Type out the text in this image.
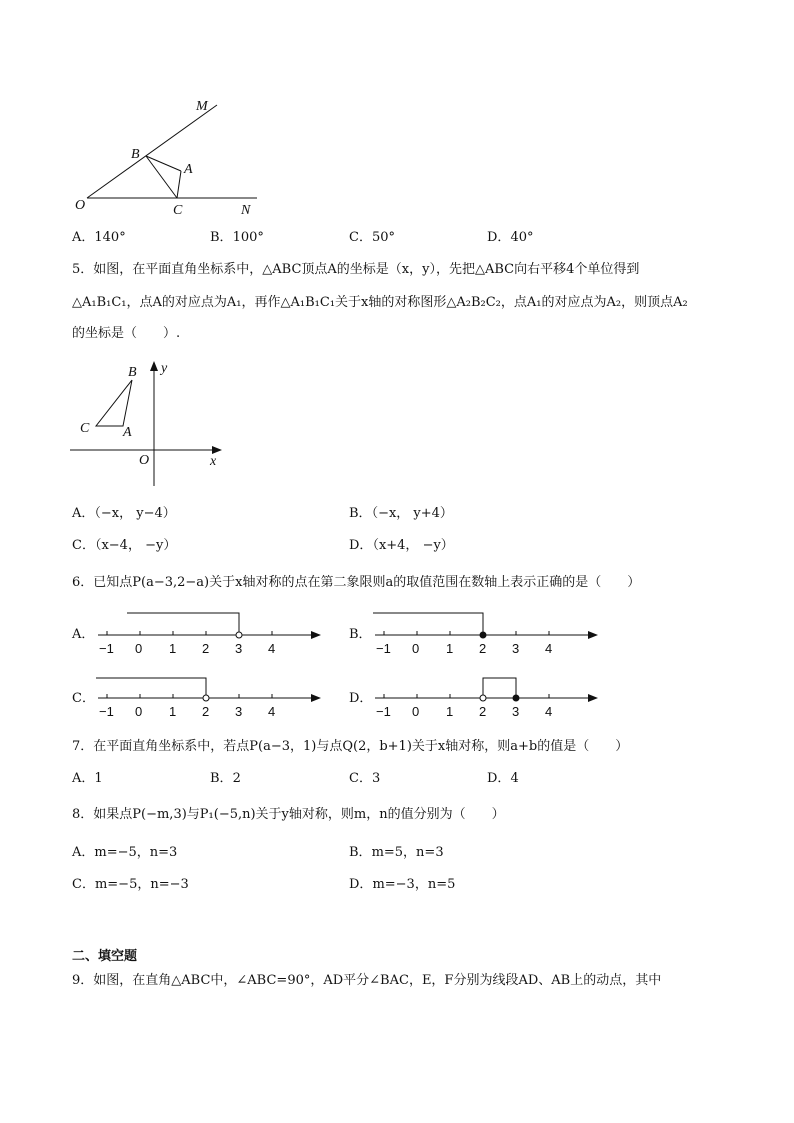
M
B
A
O	C	N
A．140°	B．100°	C．50°	D．40°
5．如图，在平面直角坐标系中，△ABC顶点A的坐标是（x，y），先把△ABC向右平移4个单位得到
△A₁B₁C₁，点A的对应点为A₁，再作△A₁B₁C₁关于x轴的对称图形△A₂B₂C₂，点A₁的对应点为A₂，则顶点A₂
的坐标是（　　）.
B
C A
O	x
y
A．（−x， y−4）	B．（−x， y+4）
C．（x−4， −y）	D．（x+4， −y）
6．已知点P(a−3,2−a)关于x轴对称的点在第二象限则a的取值范围在数轴上表示正确的是（　　）
A．	B．
C．	D．
−1 0 1 2 3 4	−1 0 1 2 3 4
−1 0 1 2 3 4	−1 0 1 2 3 4
7．在平面直角坐标系中，若点P(a−3，1)与点Q(2，b+1)关于x轴对称，则a+b的值是（　　）
A．1	B．2	C．3	D．4
8．如果点P(−m,3)与P₁(−5,n)关于y轴对称，则m，n的值分别为（　　）
A．m=−5，n=3	B．m=5，n=3
C．m=−5，n=−3	D．m=−3，n=5
二、填空题
9．如图，在直角△ABC中，∠ABC=90°，AD平分∠BAC，E，F分别为线段AD、AB上的动点，其中
